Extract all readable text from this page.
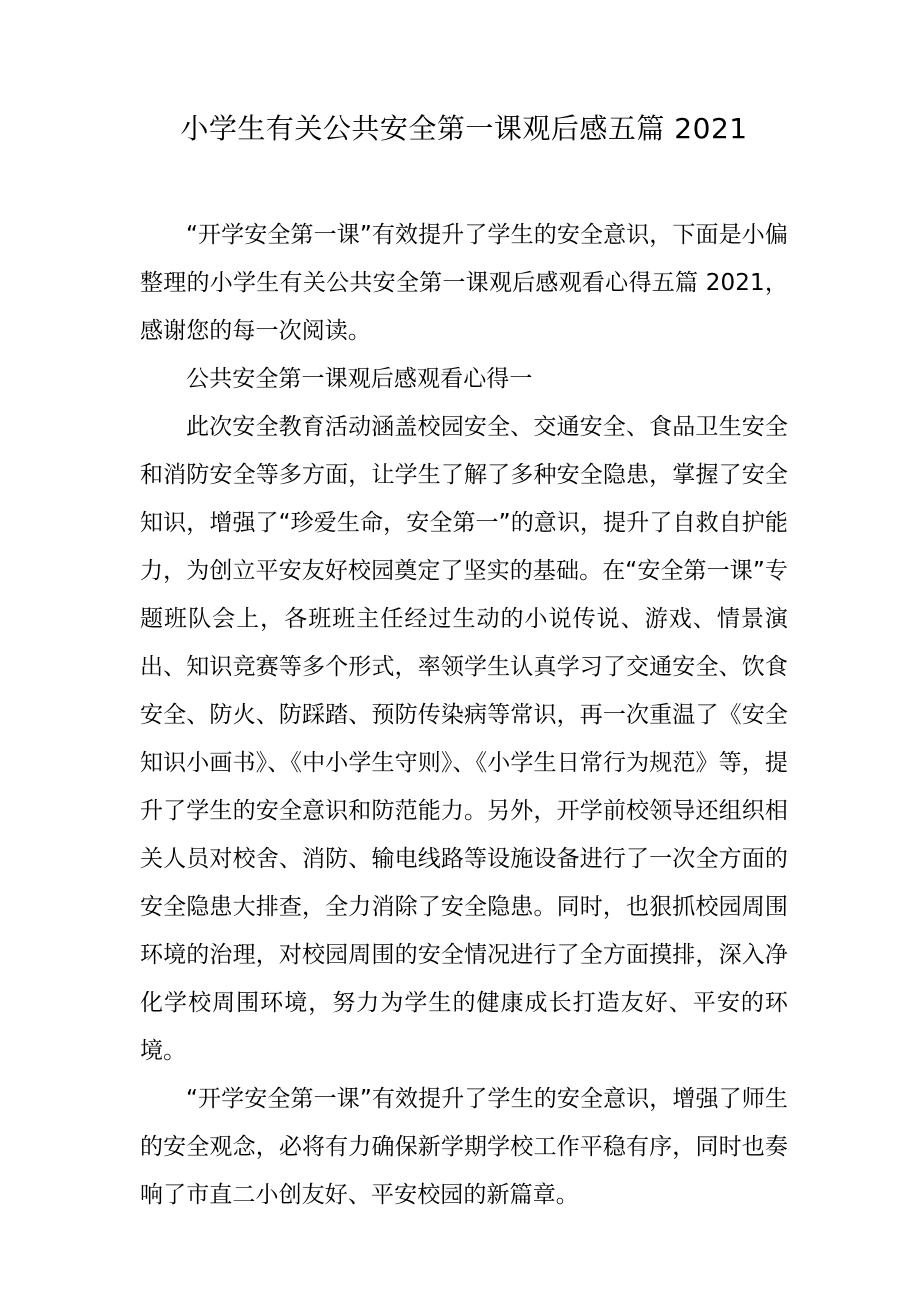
小学生有关公共安全第一课观后感五篇 2021

“开学安全第一课”有效提升了学生的安全意识，下面是小偏整理的小学生有关公共安全第一课观后感观看心得五篇 2021，感谢您的每一次阅读。

公共安全第一课观后感观看心得一

此次安全教育活动涵盖校园安全、交通安全、食品卫生安全和消防安全等多方面，让学生了解了多种安全隐患，掌握了安全知识，增强了“珍爱生命，安全第一”的意识，提升了自救自护能力，为创立平安友好校园奠定了坚实的基础。在“安全第一课”专题班队会上，各班班主任经过生动的小说传说、游戏、情景演出、知识竞赛等多个形式，率领学生认真学习了交通安全、饮食安全、防火、防踩踏、预防传染病等常识，再一次重温了《安全知识小画书》、《中小学生守则》、《小学生日常行为规范》等，提升了学生的安全意识和防范能力。另外，开学前校领导还组织相关人员对校舍、消防、输电线路等设施设备进行了一次全方面的安全隐患大排查，全力消除了安全隐患。同时，也狠抓校园周围环境的治理，对校园周围的安全情况进行了全方面摸排，深入净化学校周围环境，努力为学生的健康成长打造友好、平安的环境。

“开学安全第一课”有效提升了学生的安全意识，增强了师生的安全观念，必将有力确保新学期学校工作平稳有序，同时也奏响了市直二小创友好、平安校园的新篇章。
